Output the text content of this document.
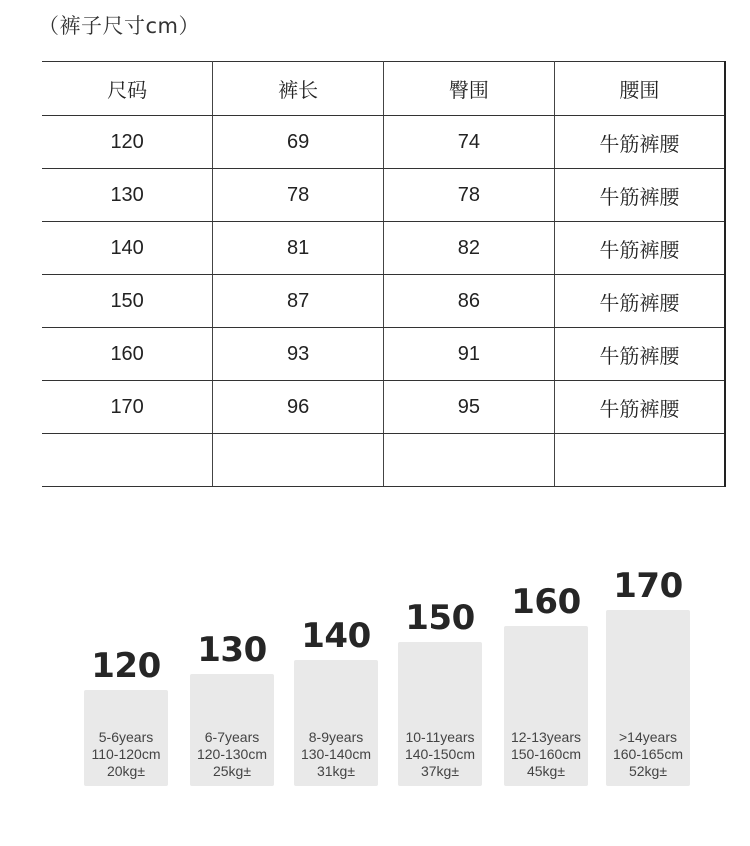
（裤子尺寸cm）
尺码	裤长	臀围	腰围
120	69	74	牛筋裤腰
130	78	78	牛筋裤腰
140	81	82	牛筋裤腰
150	87	86	牛筋裤腰
160	93	91	牛筋裤腰
170	96	95	牛筋裤腰

120
5-6years
110-120cm
20kg±
130
6-7years
120-130cm
25kg±
140
8-9years
130-140cm
31kg±
150
10-11years
140-150cm
37kg±
160
12-13years
150-160cm
45kg±
170
>14years
160-165cm
52kg±
